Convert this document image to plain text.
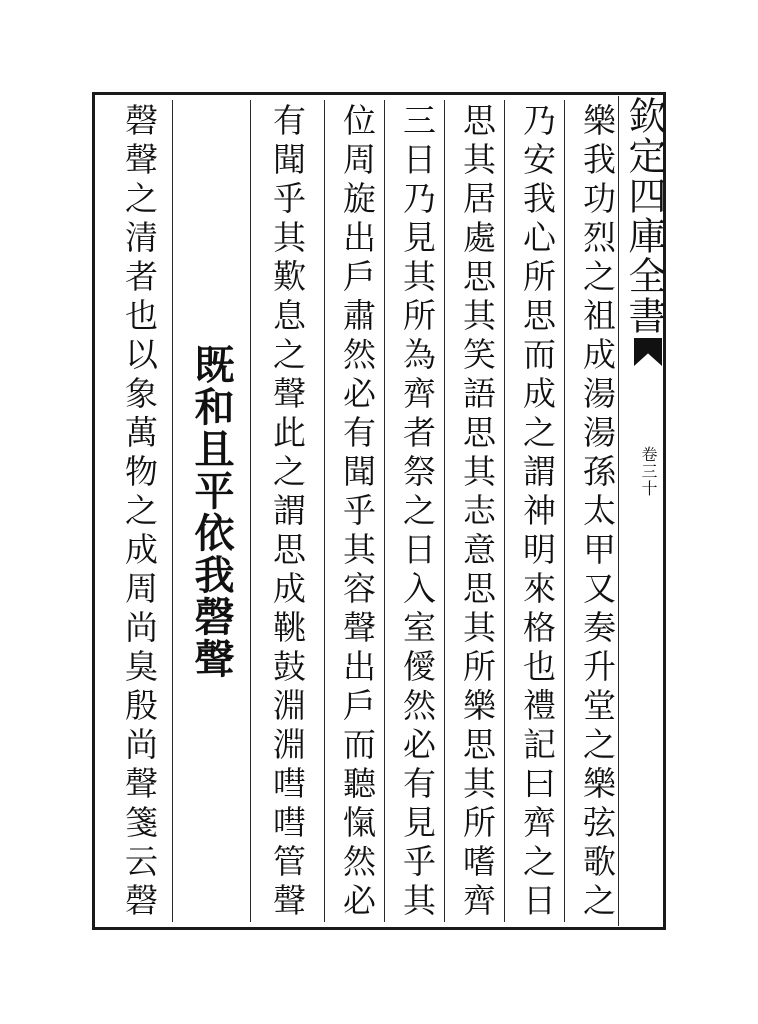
欽定四庫全書
卷三十
樂我功烈之祖成湯湯孫太甲又奏升堂之樂弦歌之
乃安我心所思而成之謂神明來格也禮記曰齊之日
思其居處思其笑語思其志意思其所樂思其所嗜齊
三日乃見其所為齊者祭之日入室僾然必有見乎其
位周旋出戶肅然必有聞乎其容聲出戶而聽愾然必
有聞乎其歎息之聲此之謂思成鞉鼓淵淵嘒嘒管聲
既和且平依我磬聲
磬聲之清者也以象萬物之成周尚臭殷尚聲箋云磬
